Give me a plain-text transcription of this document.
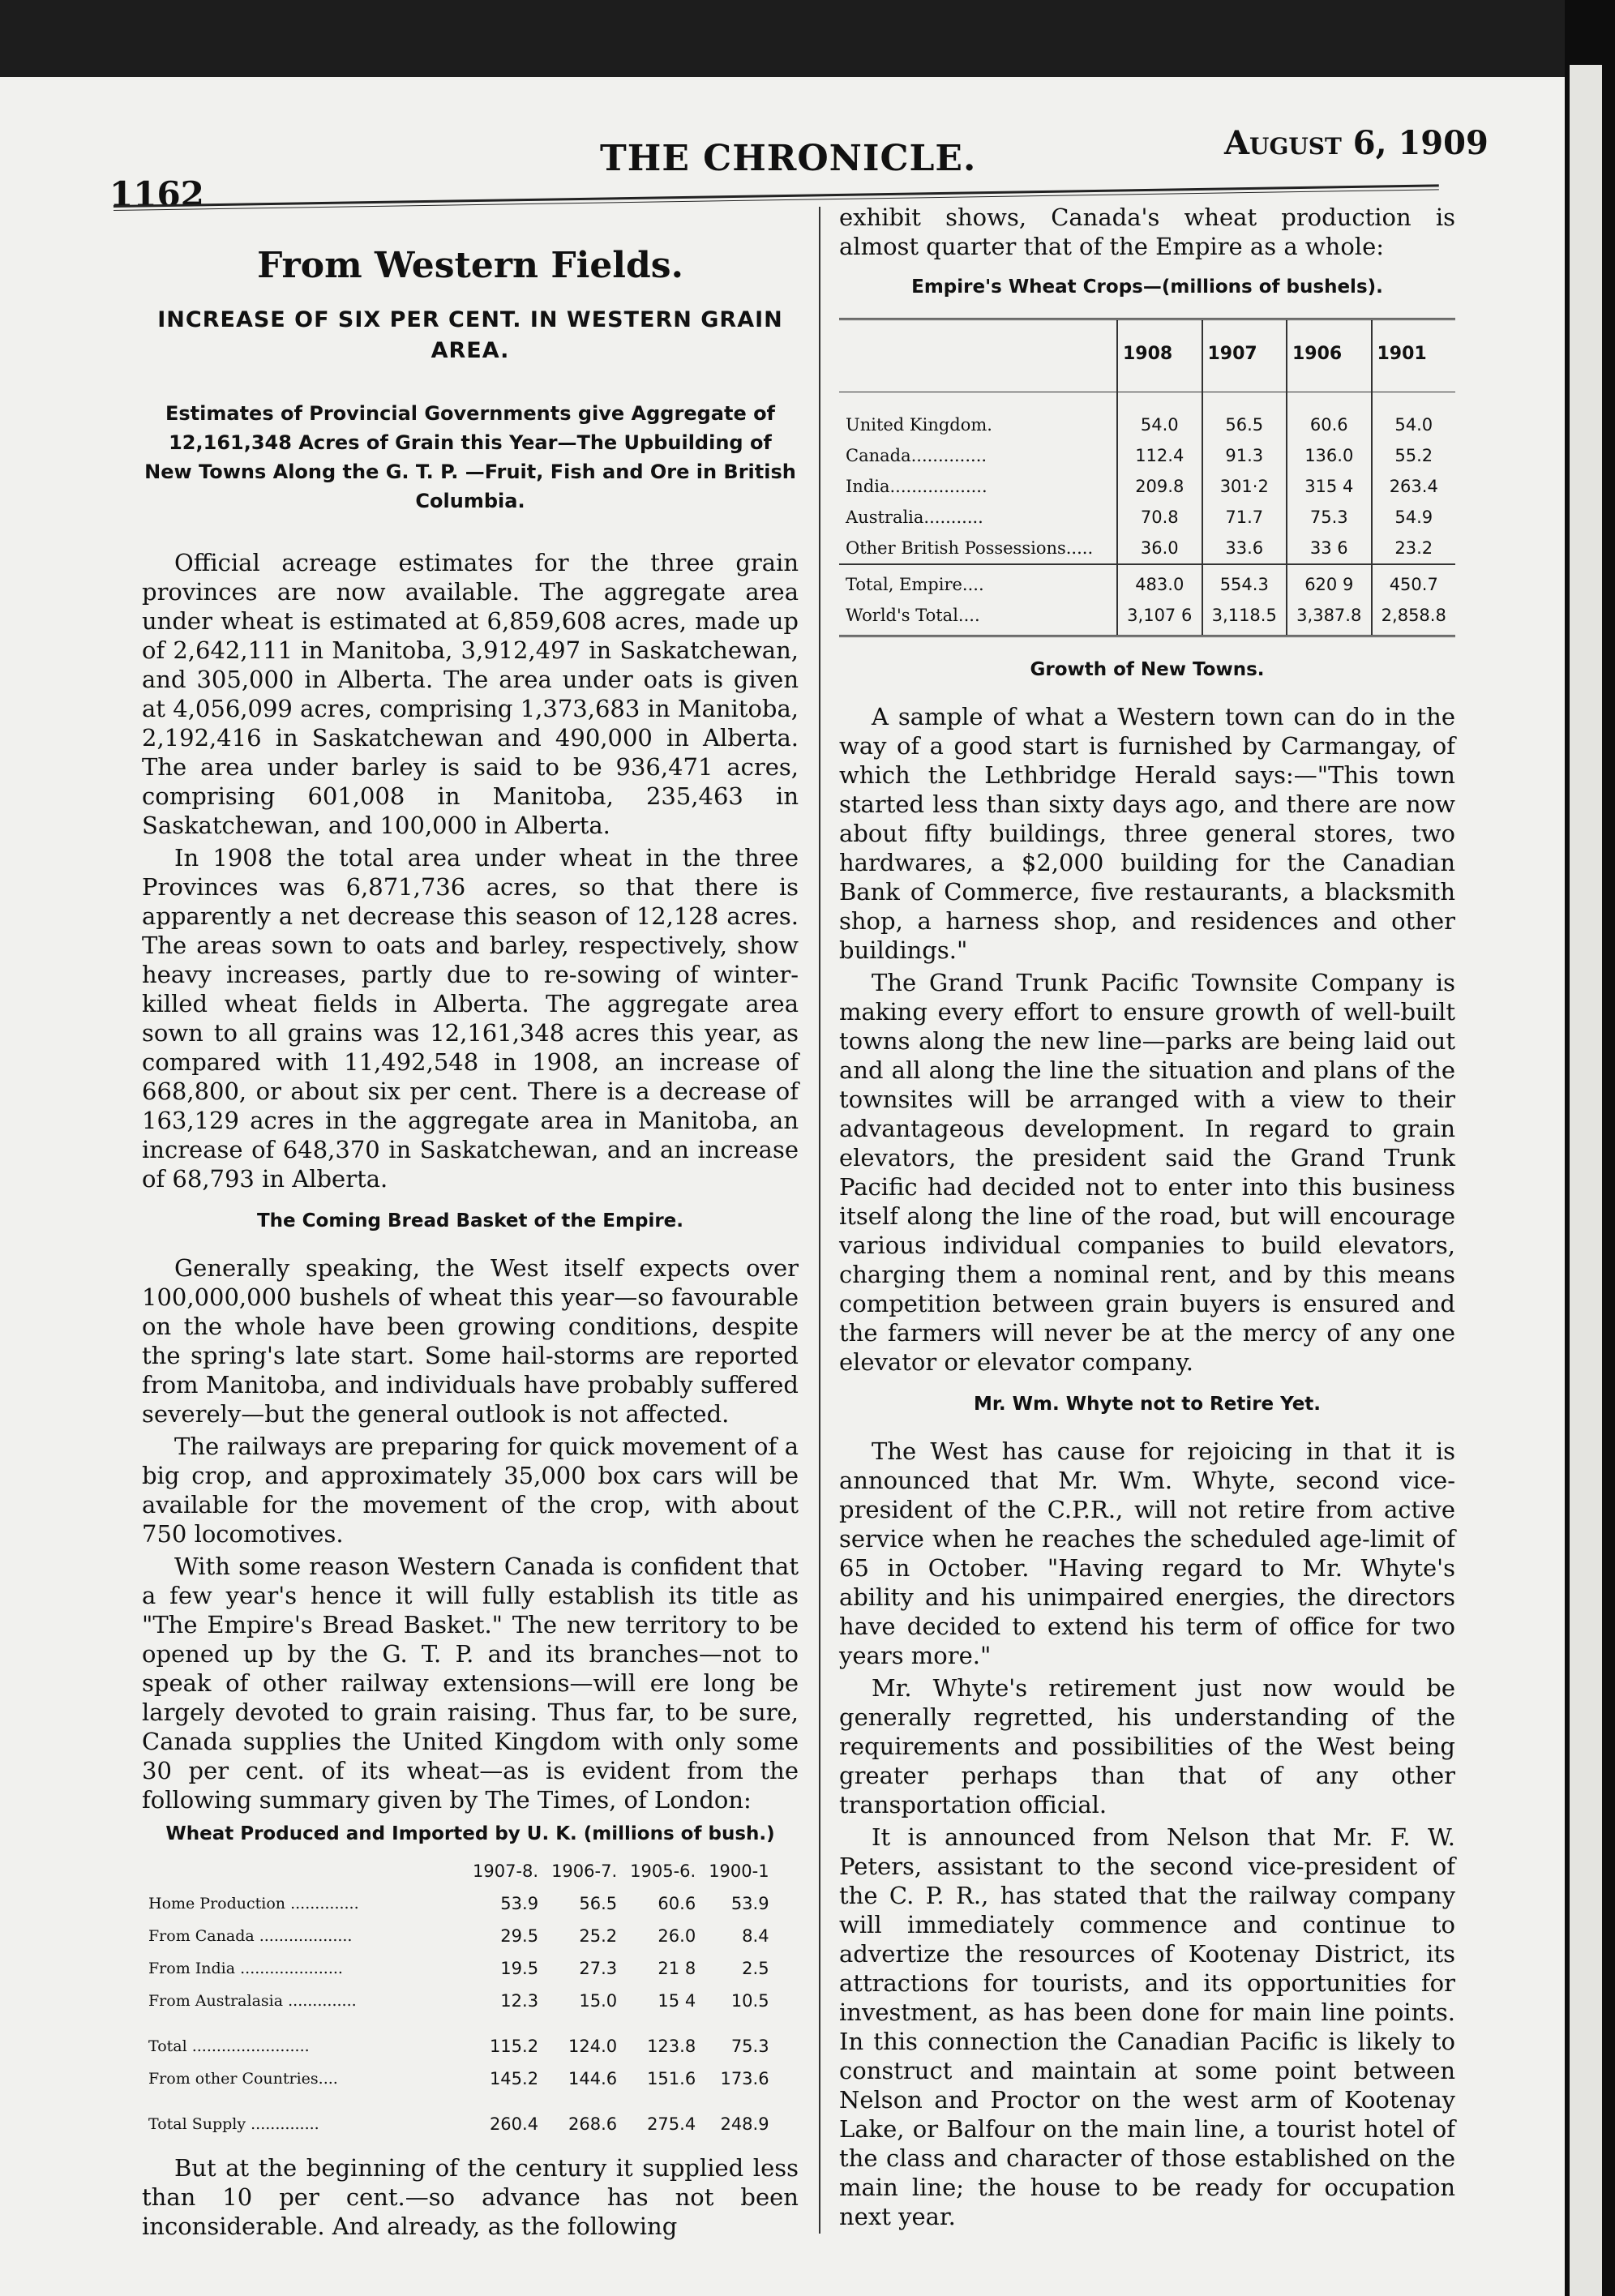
1162
THE CHRONICLE.	August 6, 1909
From Western Fields.
INCREASE OF SIX PER CENT. IN WESTERN GRAIN AREA.
Estimates of Provincial Governments give Aggregate of 12,161,348 Acres of Grain this Year—The Upbuilding of New Towns Along the G. T. P. —Fruit, Fish and Ore in British Columbia.

Official acreage estimates for the three grain provinces are now available. The aggregate area under wheat is estimated at 6,859,608 acres, made up of 2,642,111 in Manitoba, 3,912,497 in Saskatchewan, and 305,000 in Alberta. The area under oats is given at 4,056,099 acres, comprising 1,373,683 in Manitoba, 2,192,416 in Saskatchewan and 490,000 in Alberta. The area under barley is said to be 936,471 acres, comprising 601,008 in Manitoba, 235,463 in Saskatchewan, and 100,000 in Alberta.

In 1908 the total area under wheat in the three Provinces was 6,871,736 acres, so that there is apparently a net decrease this season of 12,128 acres. The areas sown to oats and barley, respectively, show heavy increases, partly due to re-sowing of winter-killed wheat fields in Alberta. The aggregate area sown to all grains was 12,161,348 acres this year, as compared with 11,492,548 in 1908, an increase of 668,800, or about six per cent. There is a decrease of 163,129 acres in the aggregate area in Manitoba, an increase of 648,370 in Saskatchewan, and an increase of 68,793 in Alberta.

The Coming Bread Basket of the Empire.

Generally speaking, the West itself expects over 100,000,000 bushels of wheat this year—so favourable on the whole have been growing conditions, despite the spring's late start. Some hail-storms are reported from Manitoba, and individuals have probably suffered severely—but the general outlook is not affected.

The railways are preparing for quick movement of a big crop, and approximately 35,000 box cars will be available for the movement of the crop, with about 750 locomotives.

With some reason Western Canada is confident that a few year's hence it will fully establish its title as "The Empire's Bread Basket." The new territory to be opened up by the G. T. P. and its branches—not to speak of other railway extensions—will ere long be largely devoted to grain raising. Thus far, to be sure, Canada supplies the United Kingdom with only some 30 per cent. of its wheat—as is evident from the following summary given by The Times, of London:

Wheat Produced and Imported by U. K. (millions of bush.)
	1907-8.	1906-7.	1905-6.	1900-1
Home Production ..............	53.9	56.5	60.6	53.9
From Canada ...................	29.5	25.2	26.0	8.4
From India .....................	19.5	27.3	21 8	2.5
From Australasia ..............	12.3	15.0	15 4	10.5
Total ........................	115.2	124.0	123.8	75.3
From other Countries....	145.2	144.6	151.6	173.6
Total Supply ..............	260.4	268.6	275.4	248.9

But at the beginning of the century it supplied less than 10 per cent.—so advance has not been inconsiderable. And already, as the following

exhibit shows, Canada's wheat production is almost quarter that of the Empire as a whole:

Empire's Wheat Crops—(millions of bushels).
	1908	1907	1906	1901
United Kingdom.	54.0	56.5	60.6	54.0
Canada..............	112.4	91.3	136.0	55.2
India..................	209.8	301·2	315 4	263.4
Australia...........	70.8	71.7	75.3	54.9
Other British Possessions.....	36.0	33.6	33 6	23.2
Total, Empire....	483.0	554.3	620 9	450.7
World's Total....	3,107 6	3,118.5	3,387.8	2,858.8
Growth of New Towns.

A sample of what a Western town can do in the way of a good start is furnished by Carmangay, of which the Lethbridge Herald says:—"This town started less than sixty days ago, and there are now about fifty buildings, three general stores, two hardwares, a $2,000 building for the Canadian Bank of Commerce, five restaurants, a blacksmith shop, a harness shop, and residences and other buildings."

The Grand Trunk Pacific Townsite Company is making every effort to ensure growth of well-built towns along the new line—parks are being laid out and all along the line the situation and plans of the townsites will be arranged with a view to their advantageous development. In regard to grain elevators, the president said the Grand Trunk Pacific had decided not to enter into this business itself along the line of the road, but will encourage various individual companies to build elevators, charging them a nominal rent, and by this means competition between grain buyers is ensured and the farmers will never be at the mercy of any one elevator or elevator company.

Mr. Wm. Whyte not to Retire Yet.

The West has cause for rejoicing in that it is announced that Mr. Wm. Whyte, second vice-president of the C.P.R., will not retire from active service when he reaches the scheduled age-limit of 65 in October. "Having regard to Mr. Whyte's ability and his unimpaired energies, the directors have decided to extend his term of office for two years more."

Mr. Whyte's retirement just now would be generally regretted, his understanding of the requirements and possibilities of the West being greater perhaps than that of any other transportation official.

It is announced from Nelson that Mr. F. W. Peters, assistant to the second vice-president of the C. P. R., has stated that the railway company will immediately commence and continue to advertize the resources of Kootenay District, its attractions for tourists, and its opportunities for investment, as has been done for main line points. In this connection the Canadian Pacific is likely to construct and maintain at some point between Nelson and Proctor on the west arm of Kootenay Lake, or Balfour on the main line, a tourist hotel of the class and character of those established on the main line; the house to be ready for occupation next year.
